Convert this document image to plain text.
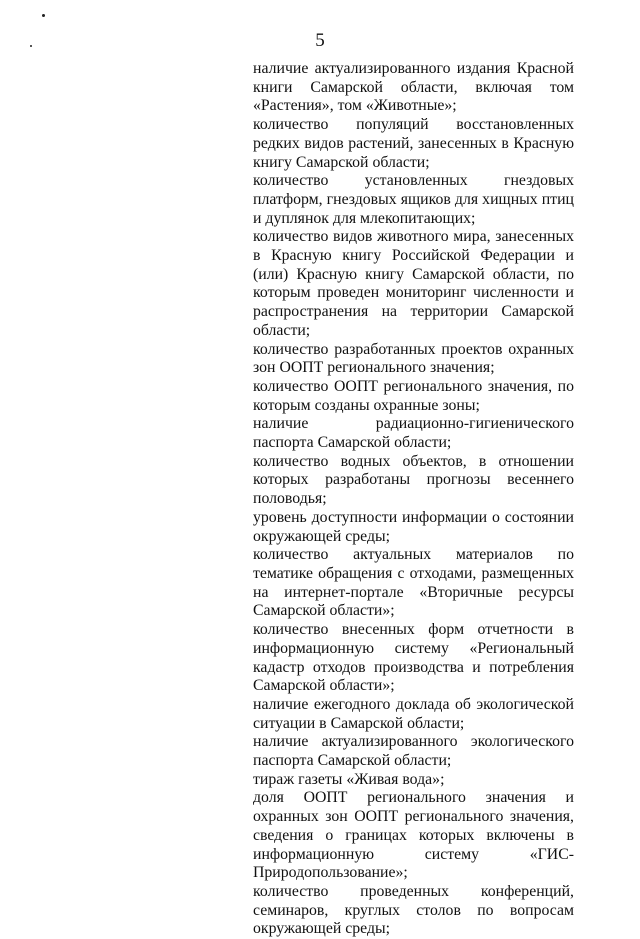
5

наличие актуализированного издания Красной книги Самарской области, включая том «Растения», том «Животные»;

количество популяций восстановленных редких видов растений, занесенных в Красную книгу Самарской области;

количество установленных гнездовых платформ, гнездовых ящиков для хищных птиц и дуплянок для млекопитающих;

количество видов животного мира, занесенных в Красную книгу Российской Федерации и (или) Красную книгу Самарской области, по которым проведен мониторинг численности и распространения на территории Самарской области;

количество разработанных проектов охранных зон ООПТ регионального значения;

количество ООПТ регионального значения, по которым созданы охранные зоны;

наличие радиационно-гигиенического паспорта Самарской области;

количество водных объектов, в отношении которых разработаны прогнозы весеннего половодья;

уровень доступности информации о состоянии окружающей среды;

количество актуальных материалов по тематике обращения с отходами, размещенных на интернет-портале «Вторичные ресурсы Самарской области»;

количество внесенных форм отчетности в информационную систему «Региональный кадастр отходов производства и потребления Самарской области»;

наличие ежегодного доклада об экологической ситуации в Самарской области;

наличие актуализированного экологического паспорта Самарской области;

тираж газеты «Живая вода»;

доля ООПТ регионального значения и охранных зон ООПТ регионального значения, сведения о границах которых включены в информационную систему «ГИС-Природопользование»;

количество проведенных конференций, семинаров, круглых столов по вопросам окружающей среды;
